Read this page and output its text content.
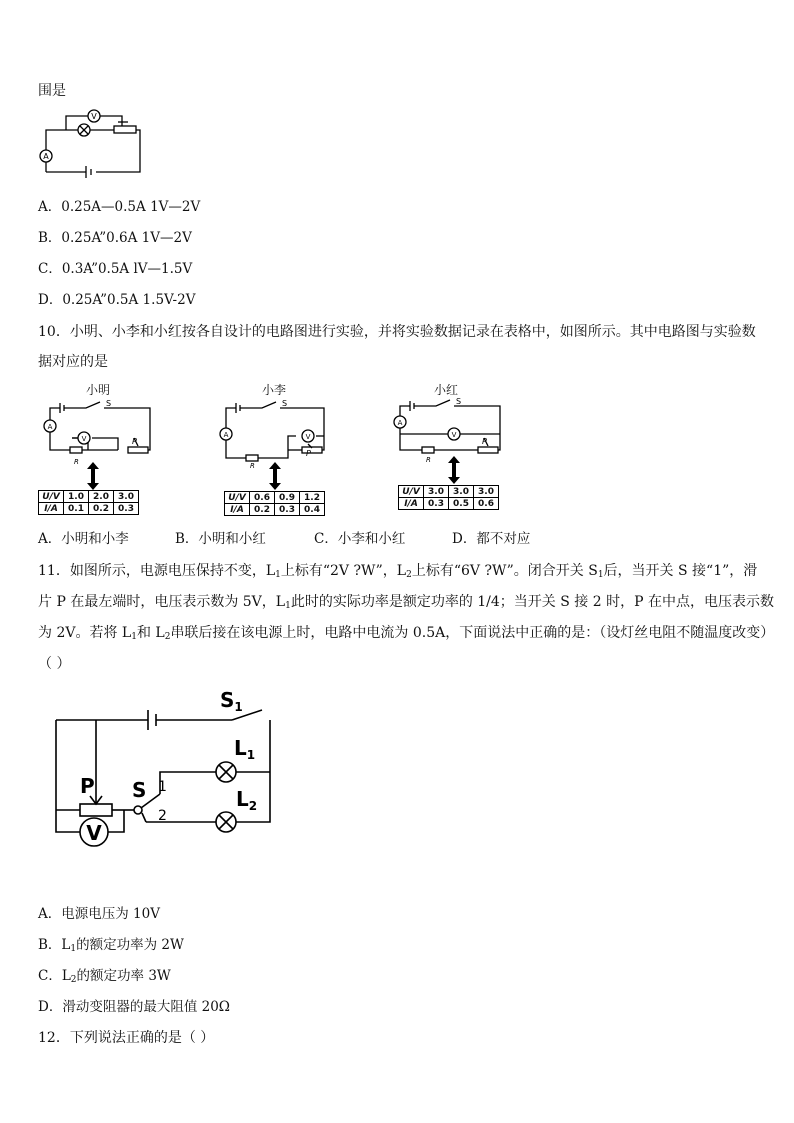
围是
V
A
A．0.25A—0.5A 1V—2V
B．0.25A”0.6A 1V—2V
C．0.3A”0.5A lV—1.5V
D．0.25A”0.5A 1.5V-2V
10．小明、小李和小红按各自设计的电路图进行实验，并将实验数据记录在表格中，如图所示。其中电路图与实验数
据对应的是
小明
V
A
S
R
P
U/V	1.0	2.0	3.0
I/A	0.1	0.2	0.3
小李
V
A
S
R
P
U/V	0.6	0.9	1.2
I/A	0.2	0.3	0.4
小红
V
A
S
R
P
U/V	3.0	3.0	3.0
I/A	0.3	0.5	0.6
A．小明和小李	B．小明和小红	C．小李和小红	D．都不对应
11．如图所示，电源电压保持不变，$L_1$上标有“2V ?W”，$L_2$上标有“6V ?W”。闭合开关 $S_1$后，当开关 S 接“1”，滑
片 P 在最左端时，电压表示数为 5V，$L_1$此时的实际功率是额定功率的 1/4；当开关 S 接 2 时，P 在中点，电压表示数
为 2V。若将 $L_1$和 $L_2$串联后接在该电源上时，电路中电流为 0.5A，下面说法中正确的是：（设灯丝电阻不随温度改变）
（ ）
$S_1$
$L_1$
$L_2$
P S 1
2
V
A．电源电压为 10V
B．$L_1$的额定功率为 2W
C．$L_2$的额定功率 3W
D．滑动变阻器的最大阻值 20Ω
12．下列说法正确的是（ ）
